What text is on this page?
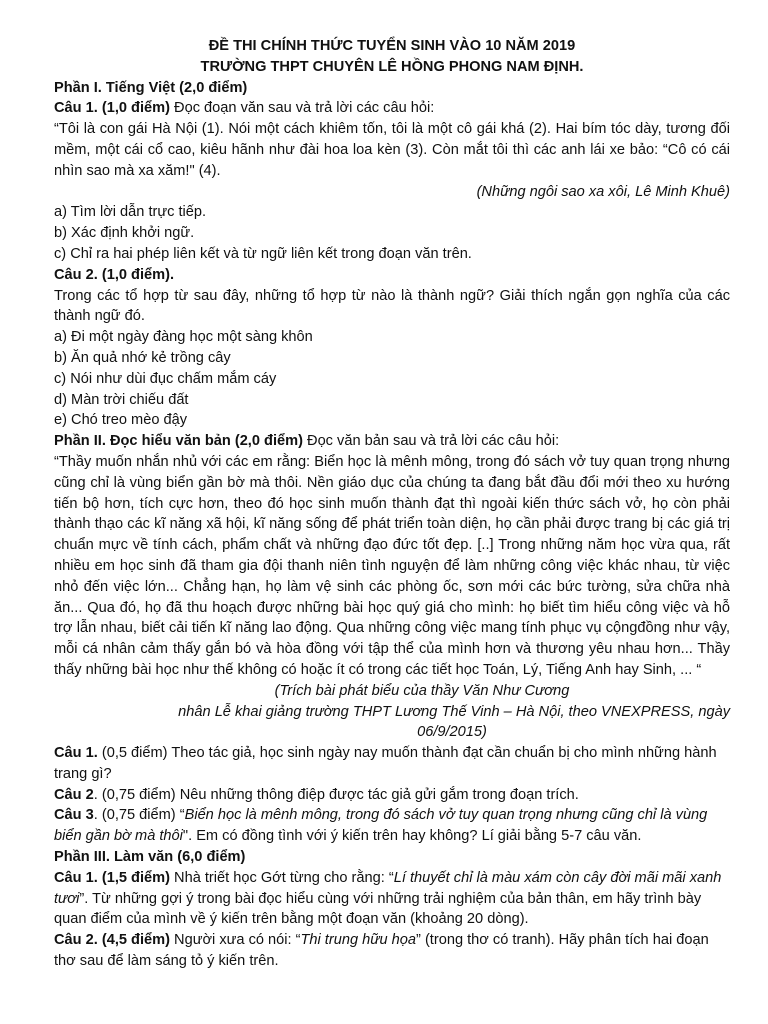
ĐỀ THI CHÍNH THỨC TUYỂN SINH VÀO 10 NĂM 2019

TRƯỜNG THPT CHUYÊN LÊ HỒNG PHONG NAM ĐỊNH.

Phần I. Tiếng Việt (2,0 điểm)

Câu 1. (1,0 điểm) Đọc đoạn văn sau và trả lời các câu hỏi:

“Tôi là con gái Hà Nội (1). Nói một cách khiêm tốn, tôi là một cô gái khá (2). Hai bím tóc dày, tương đối mềm, một cái cổ cao, kiêu hãnh như đài hoa loa kèn (3). Còn mắt tôi thì các anh lái xe bảo: “Cô có cái nhìn sao mà xa xăm!" (4).

(Những ngôi sao xa xôi, Lê Minh Khuê)

a) Tìm lời dẫn trực tiếp.

b) Xác định khởi ngữ.

c) Chỉ ra hai phép liên kết và từ ngữ liên kết trong đoạn văn trên.

Câu 2. (1,0 điểm).

Trong các tổ hợp từ sau đây, những tổ hợp từ nào là thành ngữ? Giải thích ngắn gọn nghĩa của các thành ngữ đó.

a) Đi một ngày đàng học một sàng khôn

b) Ăn quả nhớ kẻ trồng cây

c) Nói như dùi đục chấm mắm cáy

d) Màn trời chiếu đất

e) Chó treo mèo đậy

Phần II. Đọc hiểu văn bản (2,0 điểm) Đọc văn bản sau và trả lời các câu hỏi:

“Thầy muốn nhắn nhủ với các em rằng: Biển học là mênh mông, trong đó sách vở tuy quan trọng nhưng cũng chỉ là vùng biển gần bờ mà thôi. Nền giáo dục của chúng ta đang bắt đầu đổi mới theo xu hướng tiến bộ hơn, tích cực hơn, theo đó học sinh muốn thành đạt thì ngoài kiến thức sách vở, họ còn phải thành thạo các kĩ năng xã hội, kĩ năng sống để phát triển toàn diện, họ cần phải được trang bị các giá trị chuẩn mực về tính cách, phẩm chất và những đạo đức tốt đẹp. [..] Trong những năm học vừa qua, rất nhiều em học sinh đã tham gia đội thanh niên tình nguyện để làm những công việc khác nhau, từ việc nhỏ đến việc lớn... Chẳng hạn, họ làm vệ sinh các phòng ốc, sơn mới các bức tường, sửa chữa nhà ăn... Qua đó, họ đã thu hoạch được những bài học quý giá cho mình: họ biết tìm hiểu công việc và hỗ trợ lẫn nhau, biết cải tiến kĩ năng lao động. Qua những công việc mang tính phục vụ cộngđồng như vậy, mỗi cá nhân cảm thấy gắn bó và hòa đồng với tập thể của mình hơn và thương yêu nhau hơn... Thầy thấy những bài học như thế không có hoặc ít có trong các tiết học Toán, Lý, Tiếng Anh hay Sinh, ... “

(Trích bài phát biểu của thầy Văn Như Cương

nhân Lễ khai giảng trường THPT Lương Thế Vinh – Hà Nội, theo VNEXPRESS, ngày

06/9/2015)

Câu 1. (0,5 điểm) Theo tác giả, học sinh ngày nay muốn thành đạt cần chuẩn bị cho mình những hành trang gì?

Câu 2. (0,75 điểm) Nêu những thông điệp được tác giả gửi gắm trong đoạn trích.

Câu 3. (0,75 điểm) “Biển học là mênh mông, trong đó sách vở tuy quan trọng nhưng cũng chỉ là vùng biển gần bờ mà thôi". Em có đồng tình với ý kiến trên hay không? Lí giải bằng 5-7 câu văn.

Phần III. Làm văn (6,0 điểm)

Câu 1. (1,5 điểm) Nhà triết học Gớt từng cho rằng: “Lí thuyết chỉ là màu xám còn cây đời mãi mãi xanh tươi”. Từ những gợi ý trong bài đọc hiểu cùng với những trải nghiệm của bản thân, em hãy trình bày quan điểm của mình về ý kiến trên bằng một đoạn văn (khoảng 20 dòng).

Câu 2. (4,5 điểm) Người xưa có nói: “Thi trung hữu họa” (trong thơ có tranh). Hãy phân tích hai đoạn thơ sau để làm sáng tỏ ý kiến trên.
